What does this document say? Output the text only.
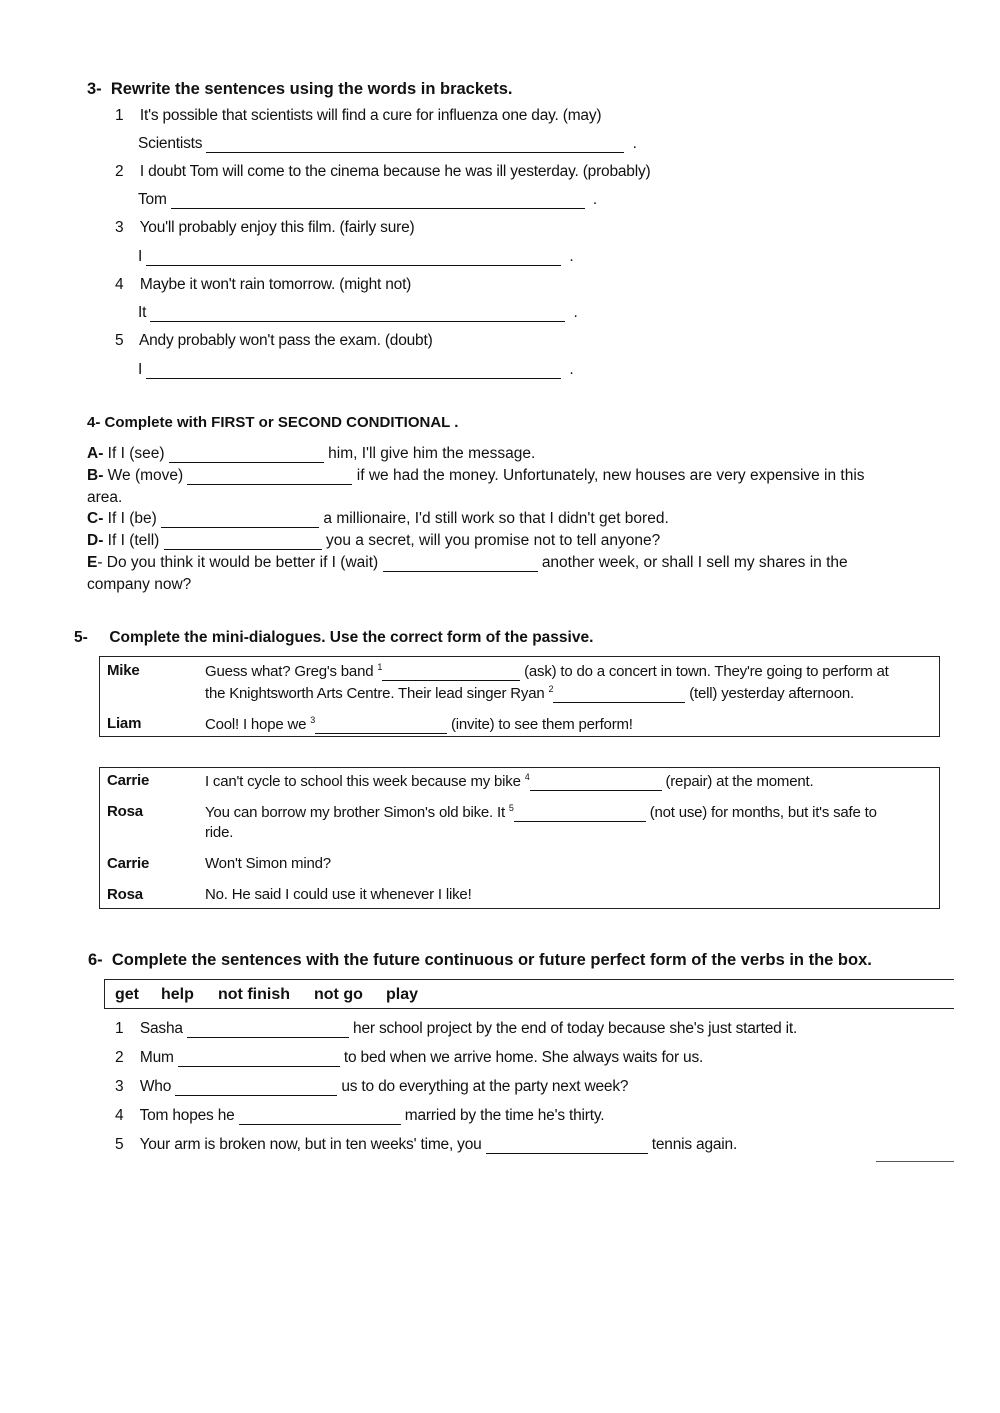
3- Rewrite the sentences using the words in brackets.
1 It's possible that scientists will find a cure for influenza one day. (may)
Scientists	.
2 I doubt Tom will come to the cinema because he was ill yesterday. (probably)
Tom	.
3 You'll probably enjoy this film. (fairly sure)
I	.
4 Maybe it won't rain tomorrow. (might not)
It	.
5 Andy probably won't pass the exam. (doubt)
I	.
4- Complete with FIRST or SECOND CONDITIONAL .
A- If I (see)	him, I'll give him the message.
B- We (move)	if we had the money. Unfortunately, new houses are very expensive in this
area.
C- If I (be)	a millionaire, I'd still work so that I didn't get bored.
D- If I (tell)	you a secret, will you promise not to tell anyone?
E- Do you think it would be better if I (wait)	another week, or shall I sell my shares in the
company now?
5- Complete the mini-dialogues. Use the correct form of the passive.
Mike	Guess what? Greg's band $^1$	(ask) to do a concert in town. They're going to perform at
the Knightsworth Arts Centre. Their lead singer Ryan $^2$	(tell) yesterday afternoon.
Liam	Cool! I hope we $^3$	(invite) to see them perform!
Carrie	I can't cycle to school this week because my bike $^4$	(repair) at the moment.
Rosa	You can borrow my brother Simon's old bike. It $^5$	(not use) for months, but it's safe to
ride.
Carrie	Won't Simon mind?
Rosa	No. He said I could use it whenever I like!
6- Complete the sentences with the future continuous or future perfect form of the verbs in the box.
get help not finish not go play
1 Sasha	her school project by the end of today because she's just started it.
2 Mum	to bed when we arrive home. She always waits for us.
3 Who	us to do everything at the party next week?
4 Tom hopes he	married by the time he's thirty.
5 Your arm is broken now, but in ten weeks' time, you	tennis again.
